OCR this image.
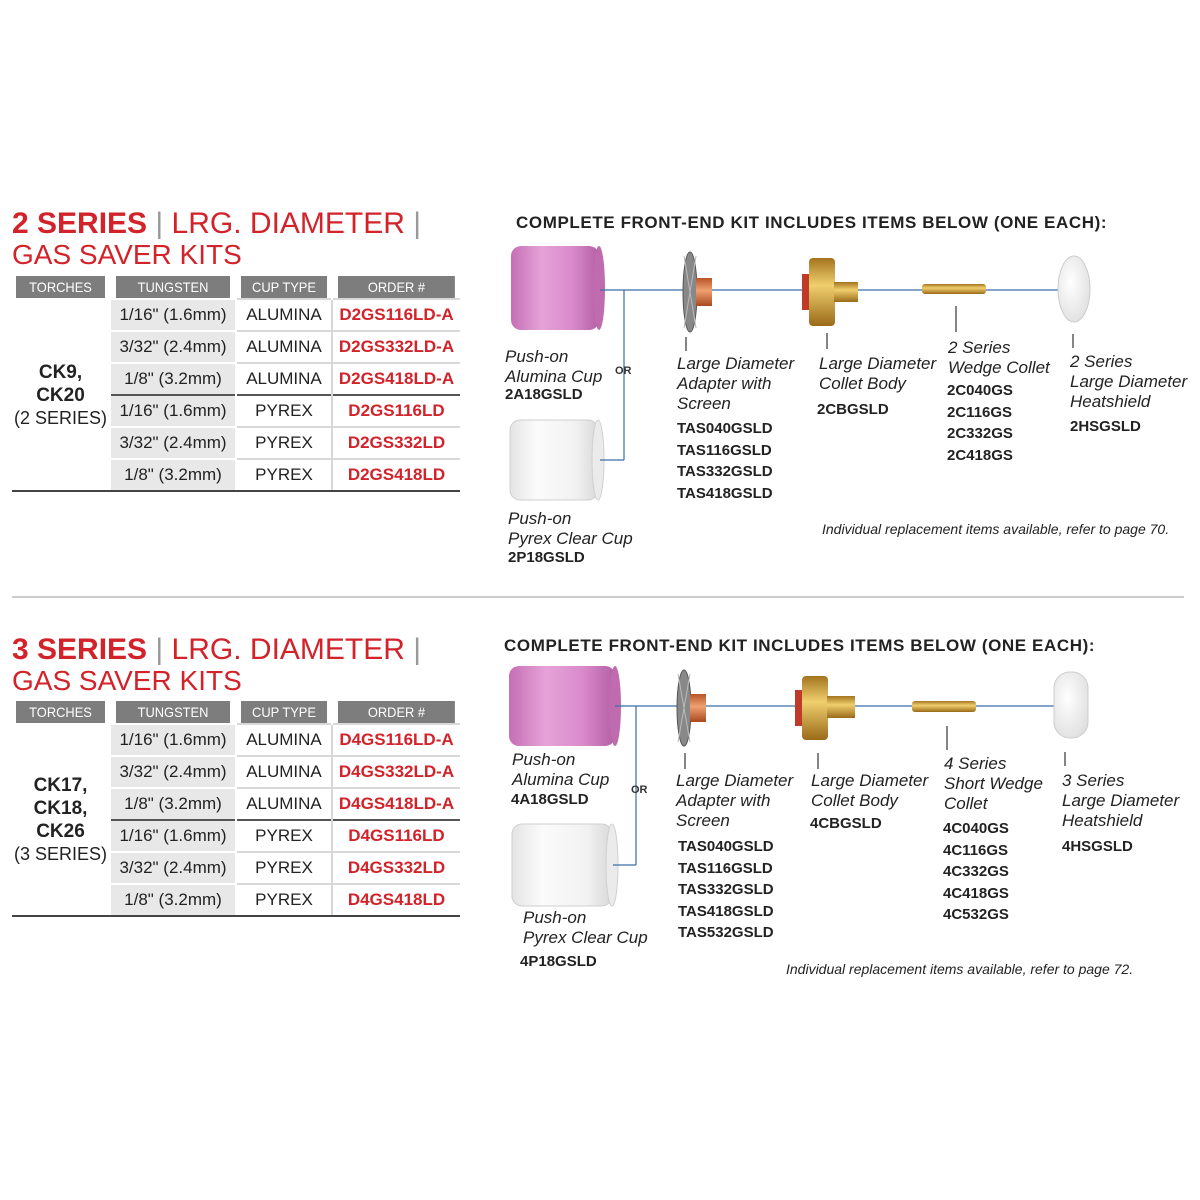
2 SERIES | LRG. DIAMETER |
GAS SAVER KITS
TORCHES	TUNGSTEN	CUP TYPE	ORDER #
CK9,
CK20
(2 SERIES)	1/16" (1.6mm)	ALUMINA	D2GS116LD-A
	3/32" (2.4mm)	ALUMINA	D2GS332LD-A
	1/8" (3.2mm)	ALUMINA	D2GS418LD-A
	1/16" (1.6mm)	PYREX	D2GS116LD
	3/32" (2.4mm)	PYREX	D2GS332LD
	1/8" (3.2mm)	PYREX	D2GS418LD
COMPLETE FRONT-END KIT INCLUDES ITEMS BELOW (ONE EACH):
3 SERIES | LRG. DIAMETER |
GAS SAVER KITS
TORCHES	TUNGSTEN	CUP TYPE	ORDER #
CK17,
CK18,
CK26
(3 SERIES)	1/16" (1.6mm)	ALUMINA	D4GS116LD-A
	3/32" (2.4mm)	ALUMINA	D4GS332LD-A
	1/8" (3.2mm)	ALUMINA	D4GS418LD-A
	1/16" (1.6mm)	PYREX	D4GS116LD
	3/32" (2.4mm)	PYREX	D4GS332LD
	1/8" (3.2mm)	PYREX	D4GS418LD
COMPLETE FRONT-END KIT INCLUDES ITEMS BELOW (ONE EACH):
Push-on
Alumina Cup
2A18GSLD
OR
Push-on
Pyrex Clear Cup
2P18GSLD
Large Diameter
Adapter with
Screen
TAS040GSLD
TAS116GSLD
TAS332GSLD
TAS418GSLD
Large Diameter
Collet Body
2CBGSLD
2 Series
Wedge Collet
2C040GS
2C116GS
2C332GS
2C418GS
2 Series
Large Diameter
Heatshield
2HSGSLD
Individual replacement items available, refer to page 70.
Push-on
Alumina Cup
4A18GSLD
OR
Push-on
Pyrex Clear Cup
4P18GSLD
Large Diameter
Adapter with
Screen
TAS040GSLD
TAS116GSLD
TAS332GSLD
TAS418GSLD
TAS532GSLD
Large Diameter
Collet Body
4CBGSLD
4 Series
Short Wedge
Collet
4C040GS
4C116GS
4C332GS
4C418GS
4C532GS
3 Series
Large Diameter
Heatshield
4HSGSLD
Individual replacement items available, refer to page 72.
